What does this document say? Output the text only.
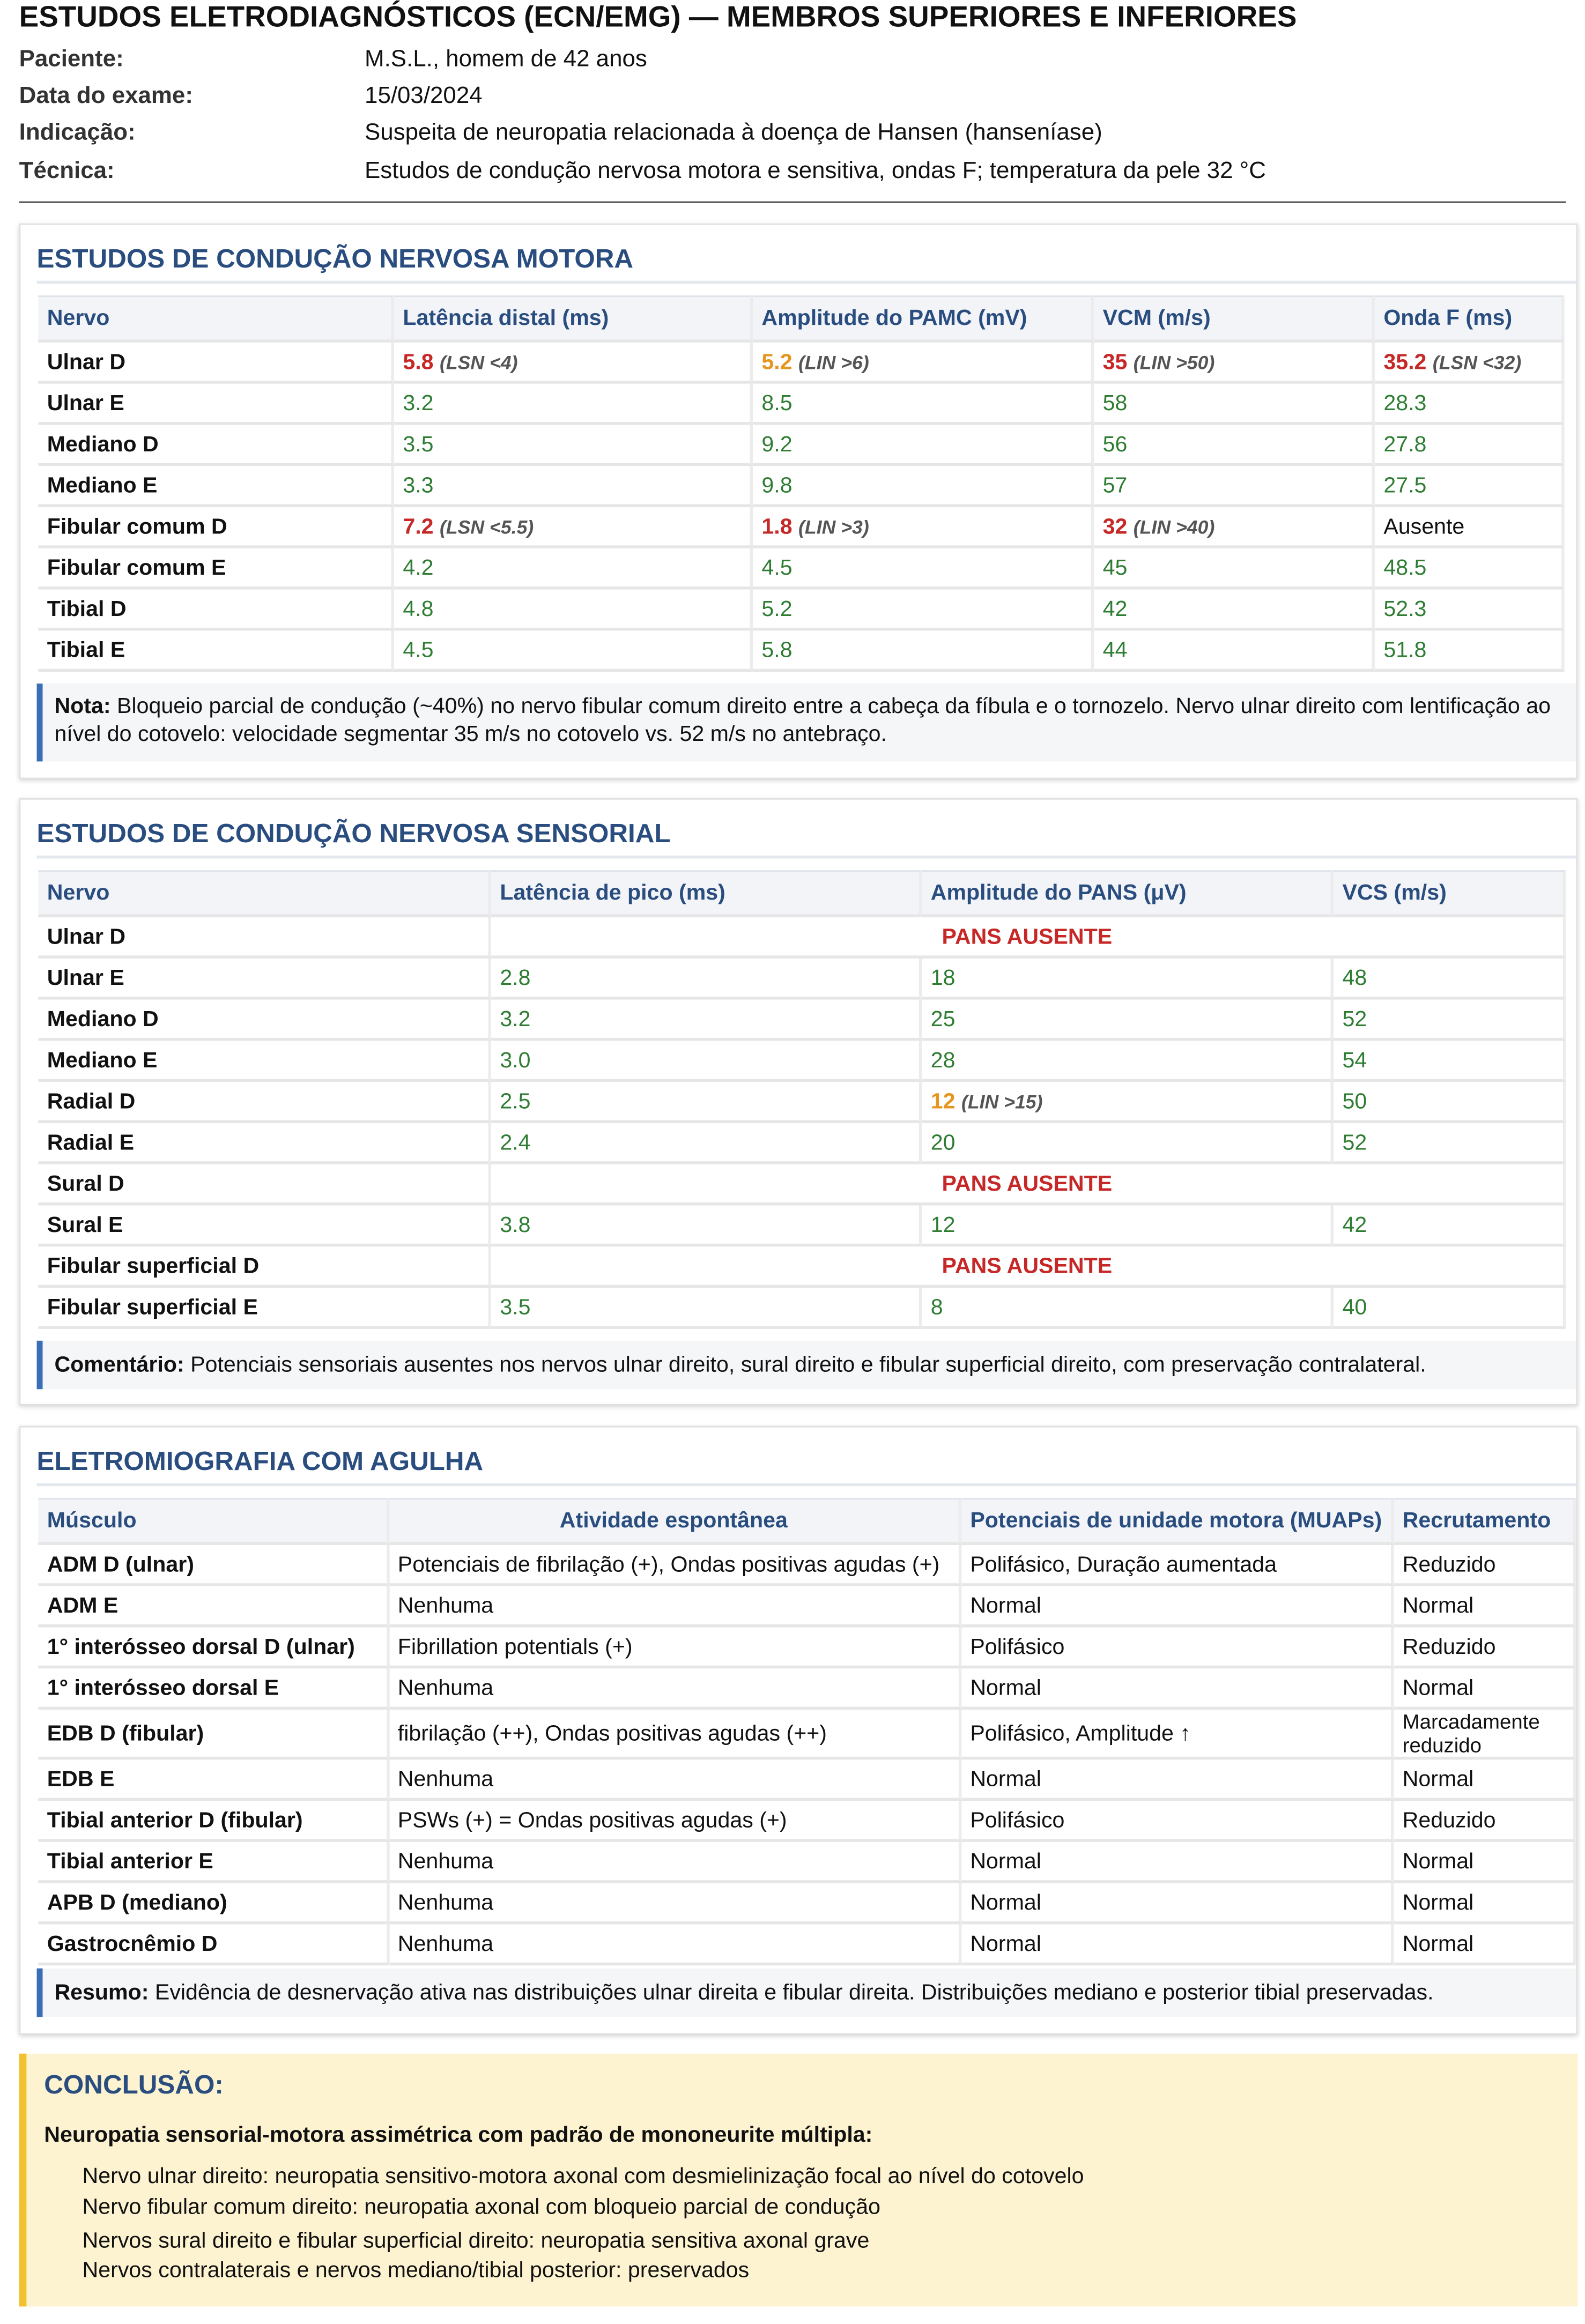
ESTUDOS ELETRODIAGNÓSTICOS (ECN/EMG) — MEMBROS SUPERIORES E INFERIORES
Paciente:	M.S.L., homem de 42 anos
Data do exame:	15/03/2024
Indicação:	Suspeita de neuropatia relacionada à doença de Hansen (hanseníase)
Técnica:	Estudos de condução nervosa motora e sensitiva, ondas F; temperatura da pele 32 °C
ESTUDOS DE CONDUÇÃO NERVOSA MOTORA
Nervo	Latência distal (ms)	Amplitude do PAMC (mV)	VCM (m/s)	Onda F (ms)
Ulnar D	5.8 (LSN <4)	5.2 (LIN >6)	35 (LIN >50)	35.2 (LSN <32)
Ulnar E	3.2	8.5	58	28.3
Mediano D	3.5	9.2	56	27.8
Mediano E	3.3	9.8	57	27.5
Fibular comum D	7.2 (LSN <5.5)	1.8 (LIN >3)	32 (LIN >40)	Ausente
Fibular comum E	4.2	4.5	45	48.5
Tibial D	4.8	5.2	42	52.3
Tibial E	4.5	5.8	44	51.8
Nota: Bloqueio parcial de condução (~40%) no nervo fibular comum direito entre a cabeça da fíbula e o tornozelo. Nervo ulnar direito com lentificação ao nível do cotovelo: velocidade segmentar 35 m/s no cotovelo vs. 52 m/s no antebraço.
ESTUDOS DE CONDUÇÃO NERVOSA SENSORIAL
Nervo	Latência de pico (ms)	Amplitude do PANS (μV)	VCS (m/s)
Ulnar D	PANS AUSENTE		
Ulnar E	2.8	18	48
Mediano D	3.2	25	52
Mediano E	3.0	28	54
Radial D	2.5	12 (LIN >15)	50
Radial E	2.4	20	52
Sural D	PANS AUSENTE		
Sural E	3.8	12	42
Fibular superficial D	PANS AUSENTE		
Fibular superficial E	3.5	8	40
Comentário: Potenciais sensoriais ausentes nos nervos ulnar direito, sural direito e fibular superficial direito, com preservação contralateral.
ELETROMIOGRAFIA COM AGULHA
Músculo	Atividade espontânea	Potenciais de unidade motora (MUAPs)	Recrutamento
ADM D (ulnar)	Potenciais de fibrilação (+), Ondas positivas agudas (+)	Polifásico, Duração aumentada	Reduzido
ADM E	Nenhuma	Normal	Normal
1° interósseo dorsal D (ulnar)	Fibrillation potentials (+)	Polifásico	Reduzido
1° interósseo dorsal E	Nenhuma	Normal	Normal
EDB D (fibular)	fibrilação (++), Ondas positivas agudas (++)	Polifásico, Amplitude ↑	Marcadamente reduzido
EDB E	Nenhuma	Normal	Normal
Tibial anterior D (fibular)	PSWs (+) = Ondas positivas agudas (+)	Polifásico	Reduzido
Tibial anterior E	Nenhuma	Normal	Normal
APB D (mediano)	Nenhuma	Normal	Normal
Gastrocnêmio D	Nenhuma	Normal	Normal
Resumo: Evidência de desnervação ativa nas distribuições ulnar direita e fibular direita. Distribuições mediano e posterior tibial preservadas.
CONCLUSÃO:
Neuropatia sensorial-motora assimétrica com padrão de mononeurite múltipla:
Nervo ulnar direito: neuropatia sensitivo-motora axonal com desmielinização focal ao nível do cotovelo
Nervo fibular comum direito: neuropatia axonal com bloqueio parcial de condução
Nervos sural direito e fibular superficial direito: neuropatia sensitiva axonal grave
Nervos contralaterais e nervos mediano/tibial posterior: preservados
